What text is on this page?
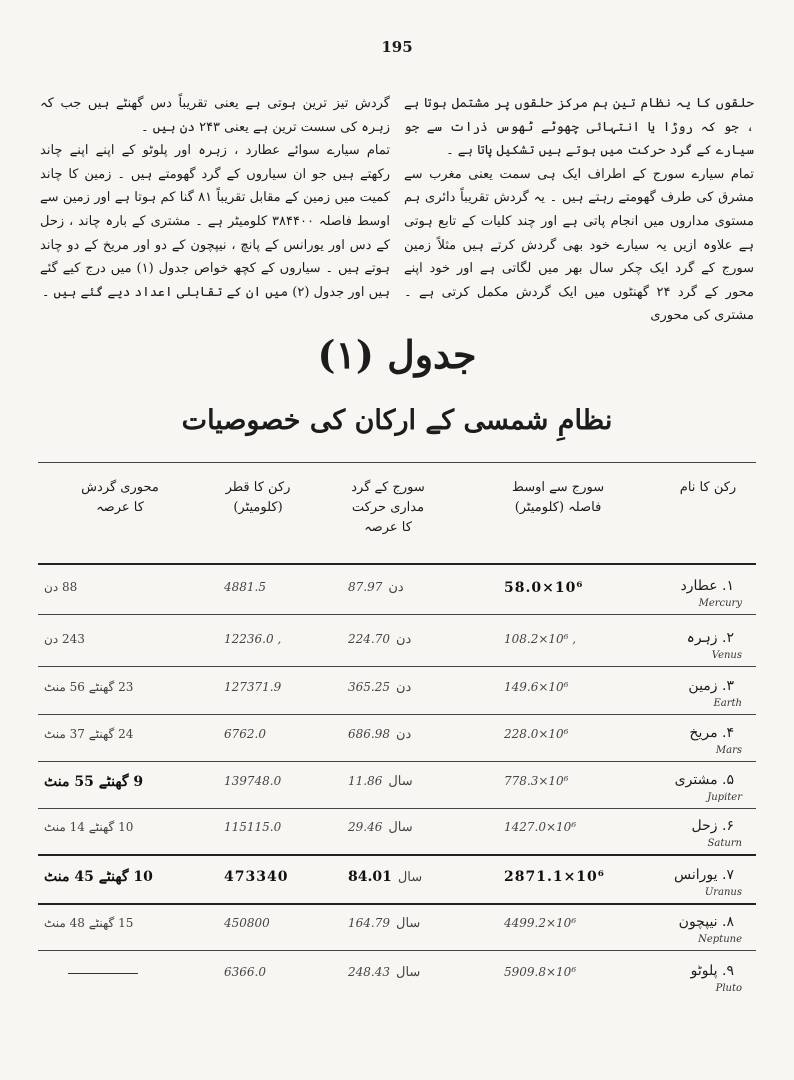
195

حلقوں کا یہ نظام تین ہم مرکز حلقوں پر مشتمل ہوتا ہے ، جو کہ روڑا یا انتہائی چھوٹے ٹھوس ذرات سے جو سیارے کے گرد حرکت میں ہوتے ہیں تشکیل پاتا ہے ۔

تمام سیارے سورج کے اطراف ایک ہی سمت یعنی مغرب سے مشرق کی طرف گھومتے رہتے ہیں ۔ یہ گردش تقریباً دائری ہم مستوی مداروں میں انجام پاتی ہے اور چند کلیات کے تابع ہوتی ہے علاوہ ازیں یہ سیارے خود بھی گردش کرتے ہیں مثلاً زمین سورج کے گرد ایک چکر سال بھر میں لگاتی ہے اور خود اپنے محور کے گرد ۲۴ گھنٹوں میں ایک گردش مکمل کرتی ہے ۔ مشتری کی محوری

گردش تیز ترین ہوتی ہے یعنی تقریباً دس گھنٹے ہیں جب کہ زہرہ کی سست ترین ہے یعنی ۲۴۳ دن ہیں ۔

تمام سیارے سوائے عطارد ، زہرہ اور پلوٹو کے اپنے اپنے چاند رکھتے ہیں جو ان سیاروں کے گرد گھومتے ہیں ۔ زمین کا چاند کمیت میں زمین کے مقابل تقریباً ۸۱ گنا کم ہوتا ہے اور زمین سے اوسط فاصلہ ۳۸۴۴۰۰ کلومیٹر ہے ۔ مشتری کے بارہ چاند ، زحل کے دس اور یورانس کے پانچ ، نیپچون کے دو اور مریخ کے دو چاند ہوتے ہیں ۔ سیاروں کے کچھ خواص جدول (۱) میں درج کیے گئے ہیں اور جدول (۲) میں ان کے تقابلی اعداد دیے گئے ہیں ۔

جدول (۱)
نظامِ شمسی کے ارکان کی خصوصیات
رکن کا نام
سورج سے اوسط
فاصلہ (کلومیٹر)
سورج کے گرد
مداری حرکت
کا عرصہ
رکن کا قطر
(کلومیٹر)
محوری گردش
کا عرصہ
۱. عطارد
Mercury
58.0×10⁶
دن87.97
4881.5
88 دن
۲. زہرہ
Venus
108.2×10⁶ ,
دن224.70
12236.0 ,
243 دن
۳. زمین
Earth
149.6×10⁶
دن365.25
127371.9
23 گھنٹے 56 منٹ
۴. مریخ
Mars
228.0×10⁶
دن686.98
6762.0
24 گھنٹے 37 منٹ
۵. مشتری
Jupiter
778.3×10⁶
سال11.86
139748.0
9 گھنٹے 55 منٹ
۶. زحل
Saturn
1427.0×10⁶
سال29.46
115115.0
10 گھنٹے 14 منٹ
۷. یورانس
Uranus
2871.1×10⁶
سال84.01
473340
10 گھنٹے 45 منٹ
۸. نیپچون
Neptune
4499.2×10⁶
سال164.79
450800
15 گھنٹے 48 منٹ
۹. پلوٹو
Pluto
5909.8×10⁶
سال248.43
6366.0
